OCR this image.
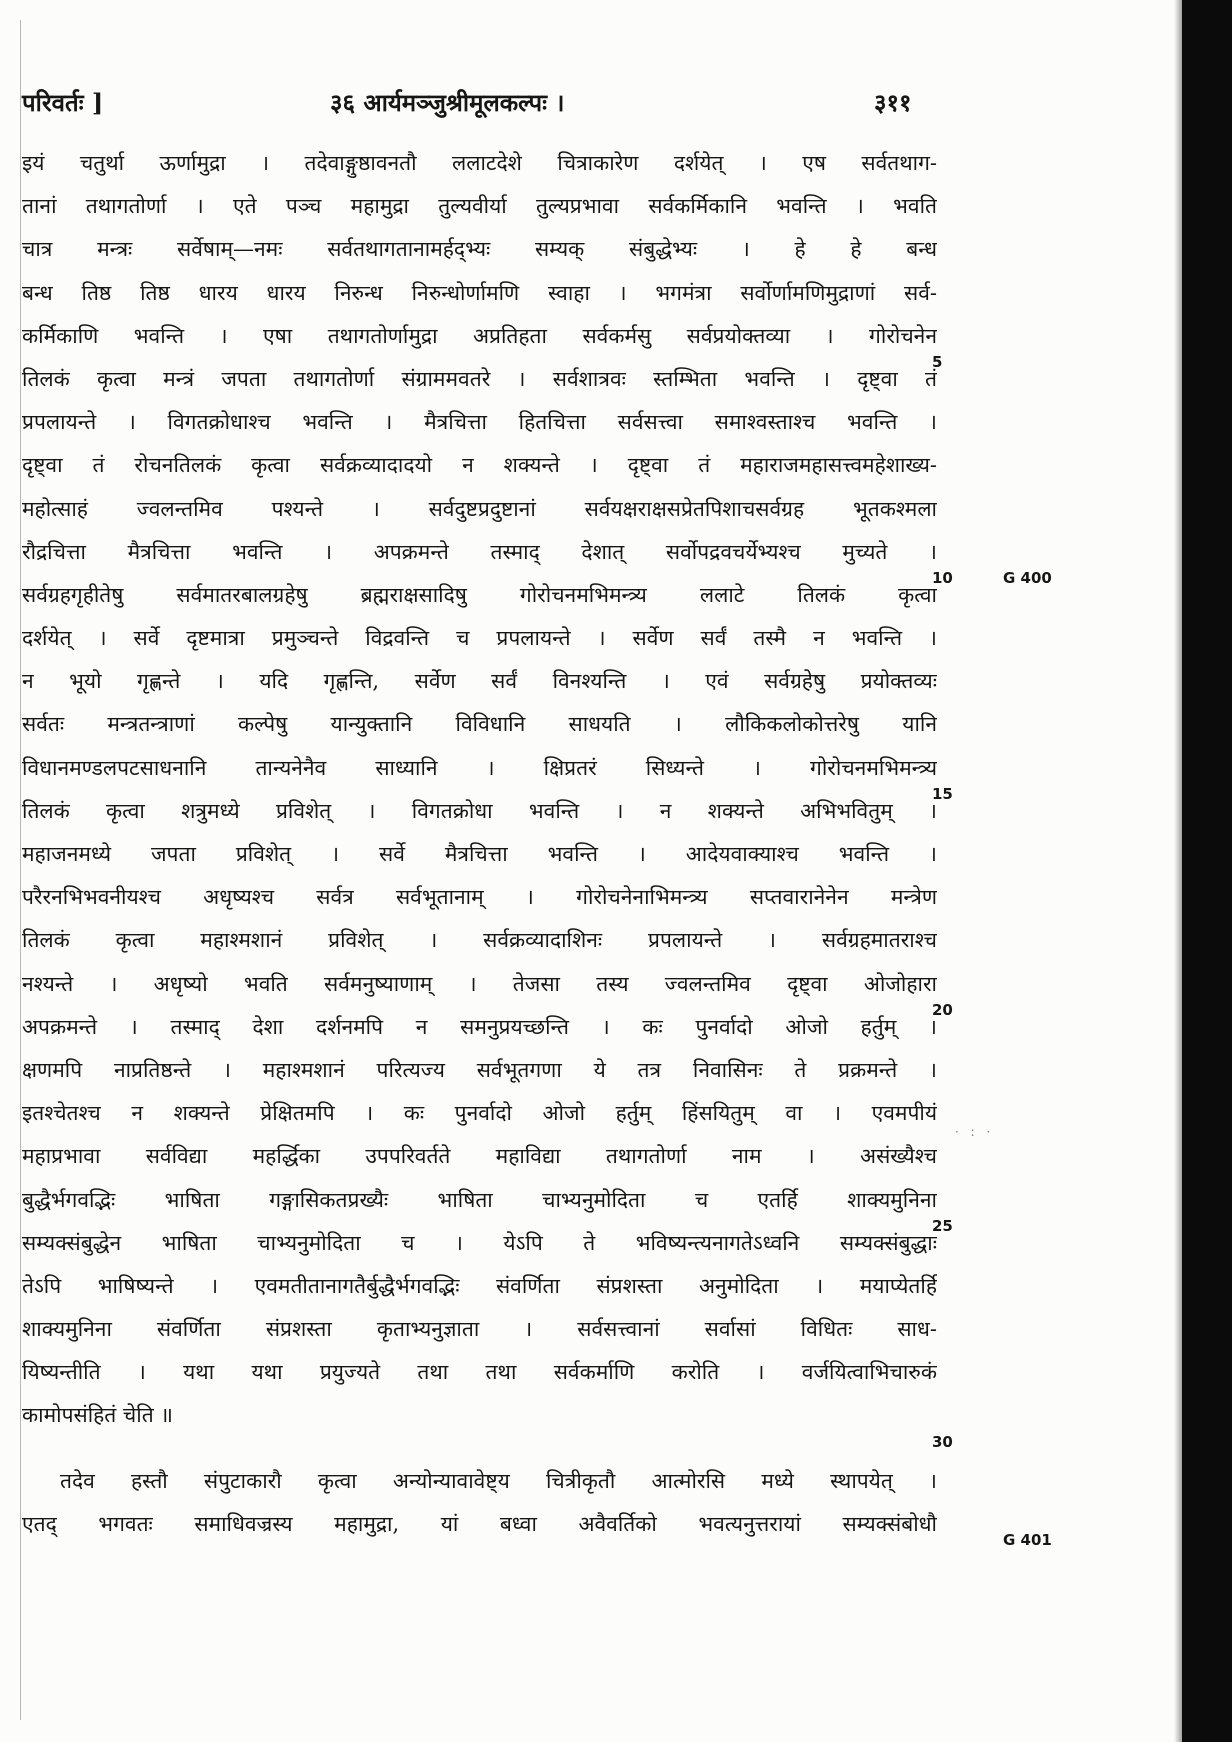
परिवर्तः ]	३६ आर्यमञ्जुश्रीमूलकल्पः ।	३११
इयं चतुर्था ऊर्णामुद्रा । तदेवाङ्गुष्ठावनतौ ललाटदेशे चित्राकारेण दर्शयेत् । एष सर्वतथाग-
तानां तथागतोर्णा । एते पञ्च महामुद्रा तुल्यवीर्या तुल्यप्रभावा सर्वकर्मिकानि भवन्ति । भवति
चात्र मन्त्रः सर्वेषाम्—नमः सर्वतथागतानामर्हद्भ्यः सम्यक् संबुद्धेभ्यः । हे हे बन्ध
बन्ध तिष्ठ तिष्ठ धारय धारय निरुन्ध निरुन्धोर्णामणि स्वाहा । भगमंत्रा सर्वोर्णामणिमुद्राणां सर्व-
कर्मिकाणि भवन्ति । एषा तथागतोर्णामुद्रा अप्रतिहता सर्वकर्मसु सर्वप्रयोक्तव्या । गोरोचनेन
तिलकं कृत्वा मन्त्रं जपता तथागतोर्णा संग्राममवतरे । सर्वशात्रवः स्तम्भिता भवन्ति । दृष्ट्वा तं
प्रपलायन्ते । विगतक्रोधाश्च भवन्ति । मैत्रचित्ता हितचित्ता सर्वसत्त्वा समाश्वस्ताश्च भवन्ति ।
दृष्ट्वा तं रोचनतिलकं कृत्वा सर्वक्रव्यादादयो न शक्यन्ते । दृष्ट्वा तं महाराजमहासत्त्वमहेशाख्य-
महोत्साहं ज्वलन्तमिव पश्यन्ते । सर्वदुष्टप्रदुष्टानां सर्वयक्षराक्षसप्रेतपिशाचसर्वग्रह भूतकश्मला
रौद्रचित्ता मैत्रचित्ता भवन्ति । अपक्रमन्ते तस्माद् देशात् सर्वोपद्रवचर्येभ्यश्च मुच्यते ।
सर्वग्रहगृहीतेषु सर्वमातरबालग्रहेषु ब्रह्मराक्षसादिषु गोरोचनमभिमन्त्र्य ललाटे तिलकं कृत्वा
दर्शयेत् । सर्वे दृष्टमात्रा प्रमुञ्चन्ते विद्रवन्ति च प्रपलायन्ते । सर्वेण सर्वं तस्मै न भवन्ति ।
न भूयो गृह्णन्ते । यदि गृह्णन्ति, सर्वेण सर्वं विनश्यन्ति । एवं सर्वग्रहेषु प्रयोक्तव्यः
सर्वतः मन्त्रतन्त्राणां कल्पेषु यान्युक्तानि विविधानि साधयति । लौकिकलोकोत्तरेषु यानि
विधानमण्डलपटसाधनानि तान्यनेनैव साध्यानि । क्षिप्रतरं सिध्यन्ते । गोरोचनमभिमन्त्र्य
तिलकं कृत्वा शत्रुमध्ये प्रविशेत् । विगतक्रोधा भवन्ति । न शक्यन्ते अभिभवितुम् ।
महाजनमध्ये जपता प्रविशेत् । सर्वे मैत्रचित्ता भवन्ति । आदेयवाक्याश्च भवन्ति ।
परैरनभिभवनीयश्च अधृष्यश्च सर्वत्र सर्वभूतानाम् । गोरोचनेनाभिमन्त्र्य सप्तवारानेनेन मन्त्रेण
तिलकं कृत्वा महाश्मशानं प्रविशेत् । सर्वक्रव्यादाशिनः प्रपलायन्ते । सर्वग्रहमातराश्च
नश्यन्ते । अधृष्यो भवति सर्वमनुष्याणाम् । तेजसा तस्य ज्वलन्तमिव दृष्ट्वा ओजोहारा
अपक्रमन्ते । तस्माद् देशा दर्शनमपि न समनुप्रयच्छन्ति । कः पुनर्वादो ओजो हर्तुम् ।
क्षणमपि नाप्रतिष्ठन्ते । महाश्मशानं परित्यज्य सर्वभूतगणा ये तत्र निवासिनः ते प्रक्रमन्ते ।
इतश्चेतश्च न शक्यन्ते प्रेक्षितमपि । कः पुनर्वादो ओजो हर्तुम् हिंसयितुम् वा । एवमपीयं
महाप्रभावा सर्वविद्या महर्द्धिका उपपरिवर्तते महाविद्या तथागतोर्णा नाम । असंख्यैश्च
बुद्धैर्भगवद्भिः भाषिता गङ्गासिकतप्रख्यैः भाषिता चाभ्यनुमोदिता च एतर्हि शाक्यमुनिना
सम्यक्संबुद्धेन भाषिता चाभ्यनुमोदिता च । येऽपि ते भविष्यन्त्यनागतेऽध्वनि सम्यक्संबुद्धाः
तेऽपि भाषिष्यन्ते । एवमतीतानागतैर्बुद्धैर्भगवद्भिः संवर्णिता संप्रशस्ता अनुमोदिता । मयाप्येतर्हि
शाक्यमुनिना संवर्णिता संप्रशस्ता कृताभ्यनुज्ञाता । सर्वसत्त्वानां सर्वासां विधितः साध-
यिष्यन्तीति । यथा यथा प्रयुज्यते तथा तथा सर्वकर्माणि करोति । वर्जयित्वाभिचारुकं
कामोपसंहितं चेति ॥
तदेव हस्तौ संपुटाकारौ कृत्वा अन्योन्यावावेष्ट्य चित्रीकृतौ आत्मोरसि मध्ये स्थापयेत् ।
एतद् भगवतः समाधिवज्रस्य महामुद्रा, यां बध्वा अवैवर्तिको भवत्यनुत्तरायां सम्यक्संबोधौ
5
10
15
20
25
30
G 400
G 401
· : ·
